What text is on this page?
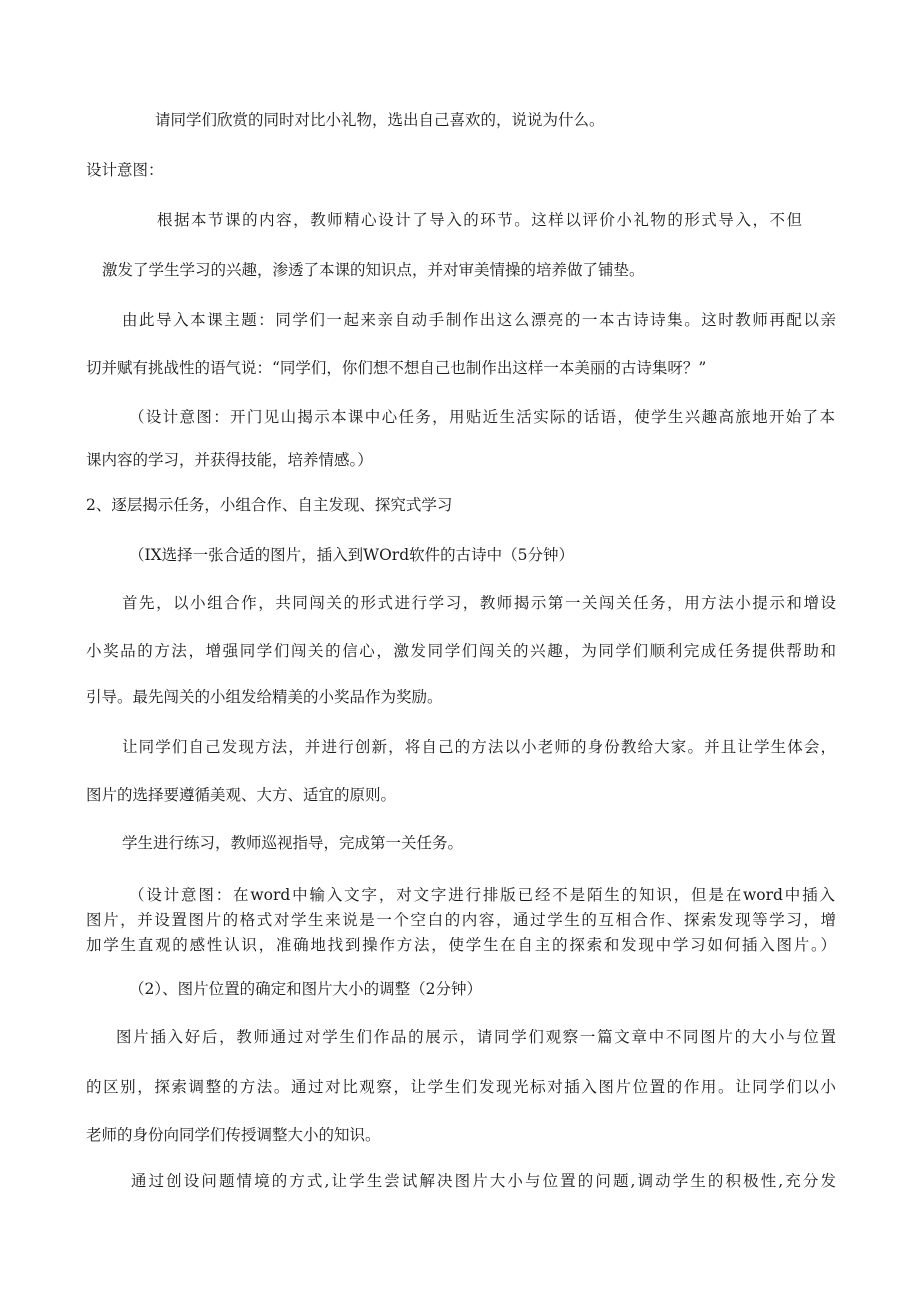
请同学们欣赏的同时对比小礼物，选出自己喜欢的，说说为什么。
设计意图：
根据本节课的内容，教师精心设计了导入的环节。这样以评价小礼物的形式导入，不但
激发了学生学习的兴趣，渗透了本课的知识点，并对审美情操的培养做了铺垫。
由此导入本课主题：同学们一起来亲自动手制作出这么漂亮的一本古诗诗集。这时教师再配以亲
切并赋有挑战性的语气说：“同学们，你们想不想自己也制作出这样一本美丽的古诗集呀？”
（设计意图：开门见山揭示本课中心任务，用贴近生活实际的话语，使学生兴趣高旅地开始了本
课内容的学习，并获得技能，培养情感。）
2、逐层揭示任务，小组合作、自主发现、探究式学习
（IX选择一张合适的图片，插入到WOrd软件的古诗中（5分钟）
首先，以小组合作，共同闯关的形式进行学习，教师揭示第一关闯关任务，用方法小提示和增设
小奖品的方法，增强同学们闯关的信心，激发同学们闯关的兴趣，为同学们顺利完成任务提供帮助和
引导。最先闯关的小组发给精美的小奖品作为奖励。
让同学们自己发现方法，并进行创新，将自己的方法以小老师的身份教给大家。并且让学生体会，
图片的选择要遵循美观、大方、适宜的原则。
学生进行练习，教师巡视指导，完成第一关任务。
（设计意图：在word中输入文字，对文字进行排版已经不是陌生的知识，但是在word中插入
图片，并设置图片的格式对学生来说是一个空白的内容，通过学生的互相合作、探索发现等学习，增
加学生直观的感性认识，准确地找到操作方法，使学生在自主的探索和发现中学习如何插入图片。）
（2）、图片位置的确定和图片大小的调整（2分钟）
图片插入好后，教师通过对学生们作品的展示，请同学们观察一篇文章中不同图片的大小与位置
的区别，探索调整的方法。通过对比观察，让学生们发现光标对插入图片位置的作用。让同学们以小
老师的身份向同学们传授调整大小的知识。
通过创设问题情境的方式,让学生尝试解决图片大小与位置的问题,调动学生的积极性,充分发
